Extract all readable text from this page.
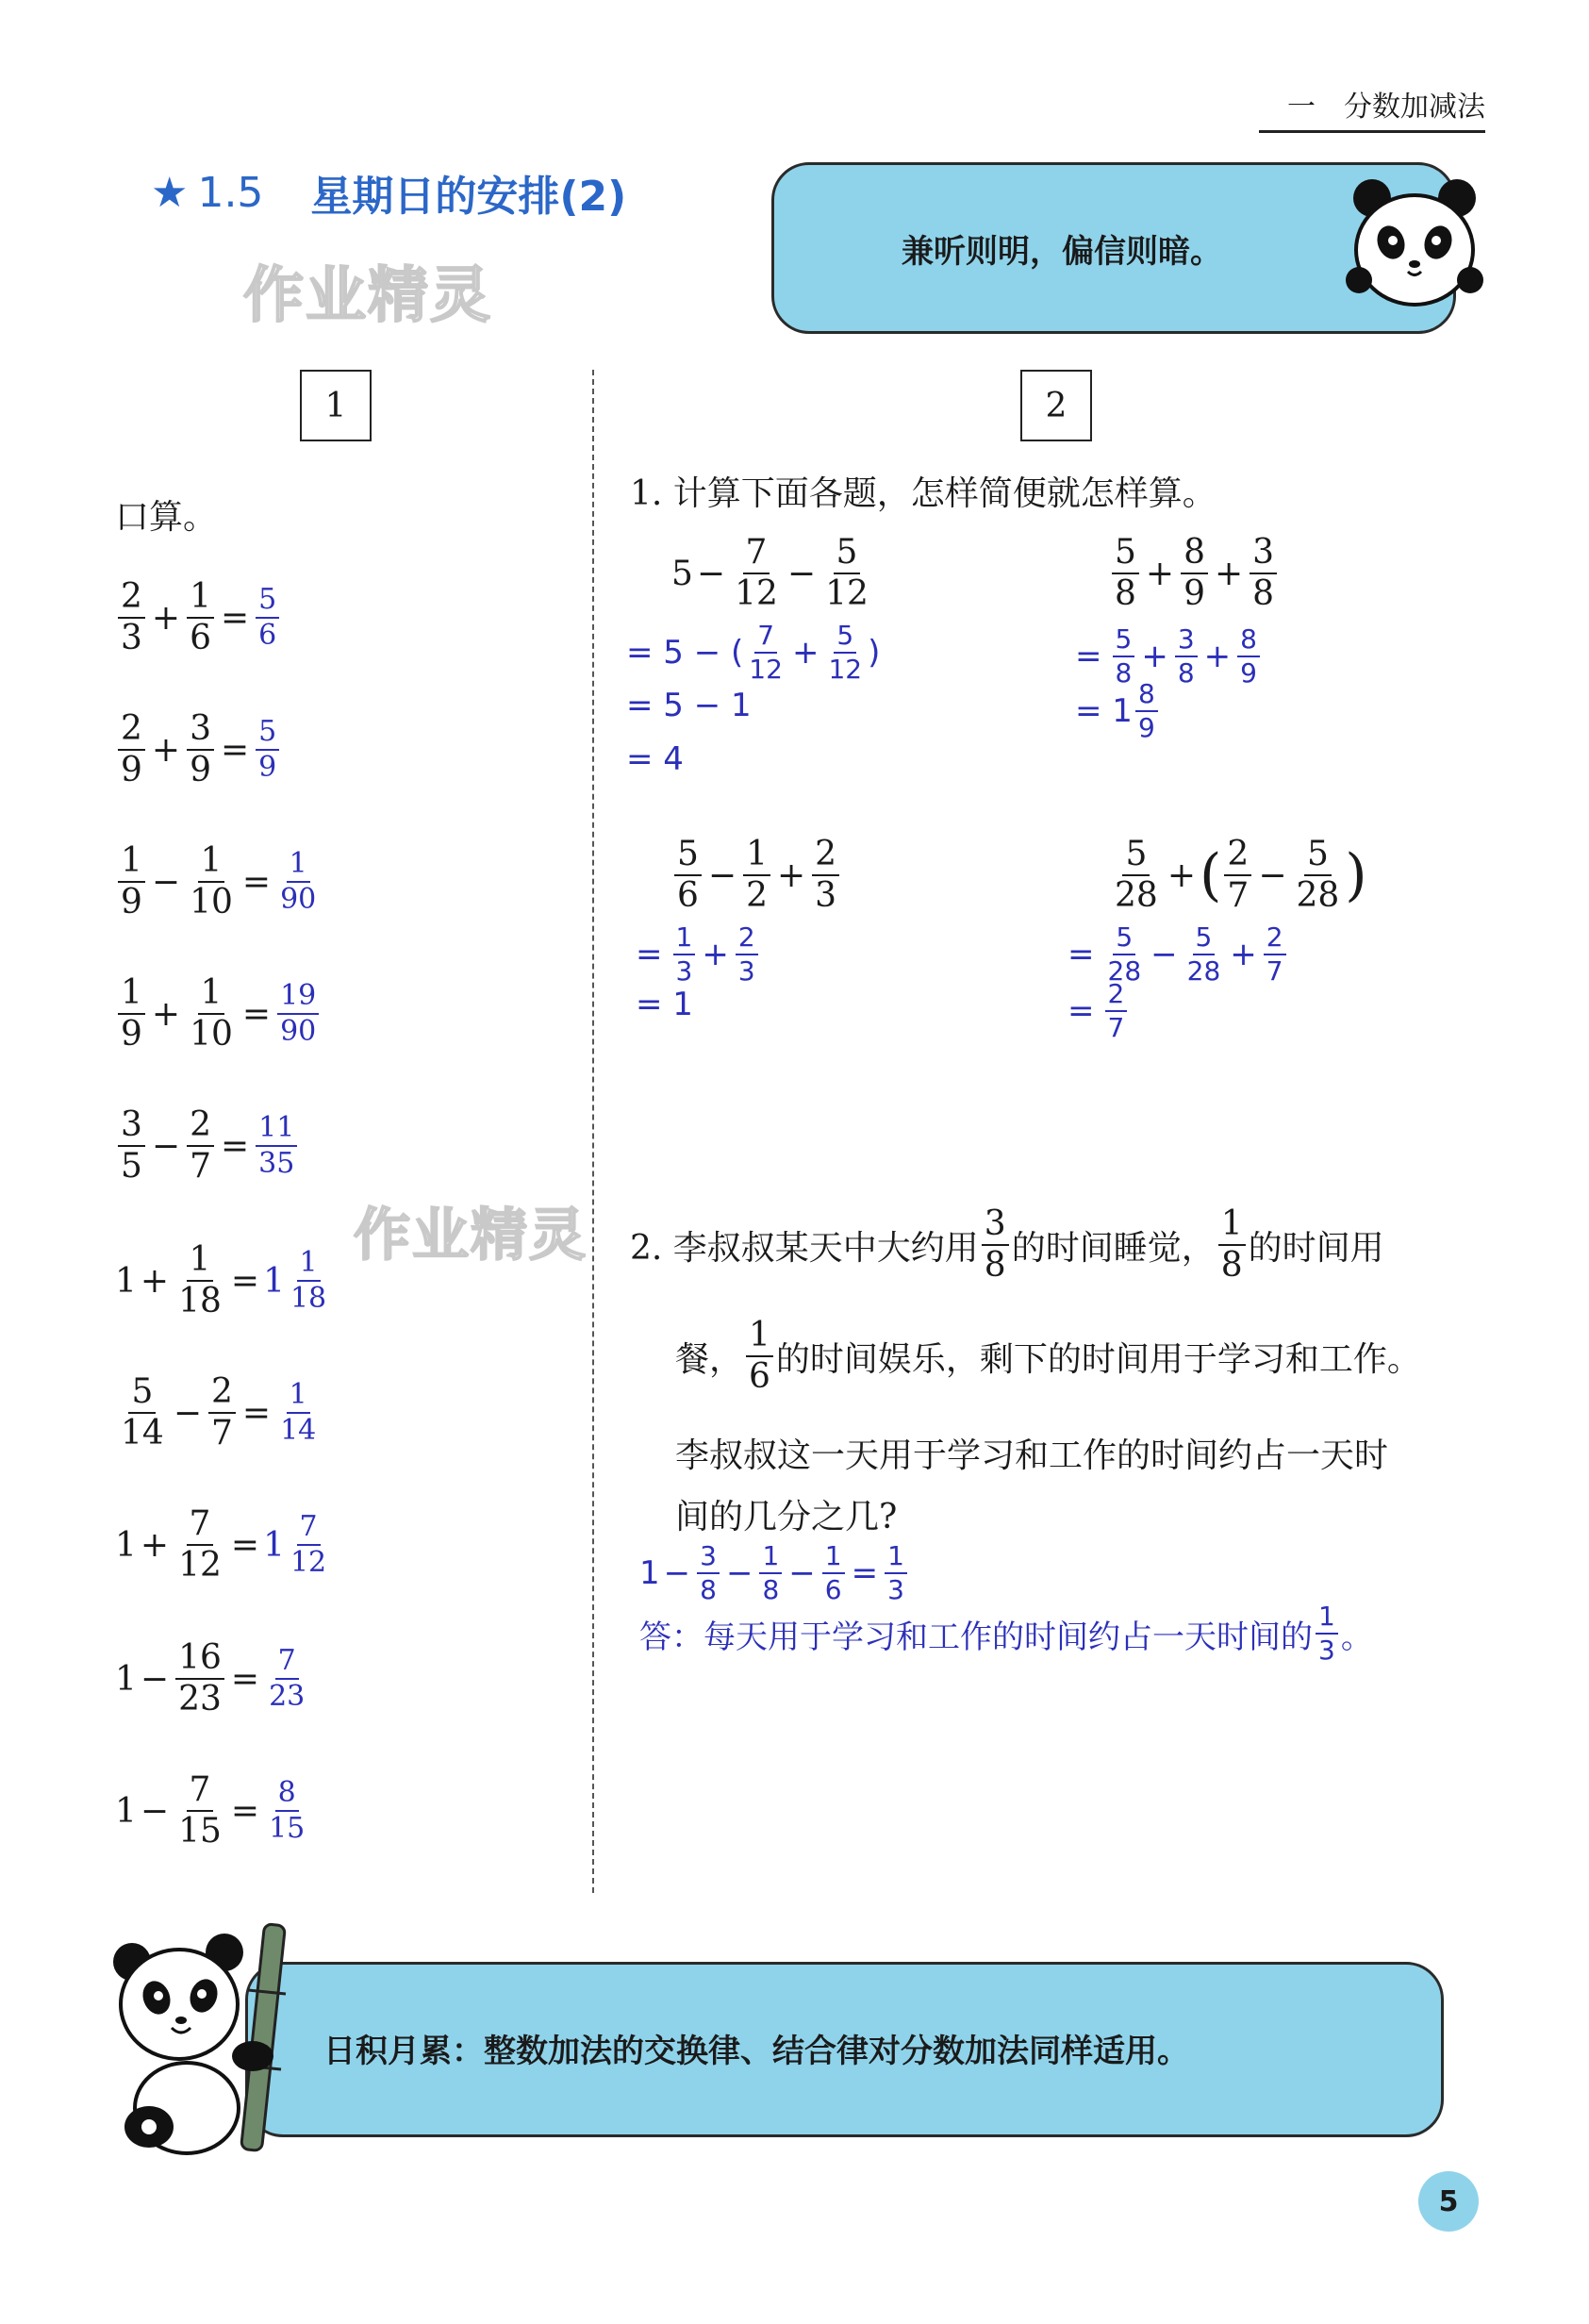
一　分数加减法
★ 1.5 星期日的安排(2)
作业精灵
作业精灵
兼听则明，偏信则暗。
1
口算。
$\frac{2}{3} + \frac{1}{6} = \frac{5}{6}$
$\frac{2}{9} + \frac{3}{9} = \frac{5}{9}$
$\frac{1}{9} - \frac{1}{10} = \frac{1}{90}$
$\frac{1}{9} + \frac{1}{10} = \frac{19}{90}$
$\frac{3}{5} - \frac{2}{7} = \frac{11}{35}$
$1 + \frac{1}{18} = 1 \frac{1}{18}$
$\frac{5}{14} - \frac{2}{7} = \frac{1}{14}$
$1 + \frac{7}{12} = 1 \frac{7}{12}$
$1 - \frac{16}{23} = \frac{7}{23}$
$1 - \frac{7}{15} = \frac{8}{15}$
2
1. 计算下面各题，怎样简便就怎样算。
$5 - \frac{7}{12} - \frac{5}{12}$
= 5 − ( $\frac{7}{12} + \frac{5}{12}$ )
= 5 − 1
= 4
$\frac{5}{8} + \frac{8}{9} + \frac{3}{8}$
= $\frac{5}{8} + \frac{3}{8} + \frac{8}{9}$
= $1 \frac{8}{9}$
$\frac{5}{6} - \frac{1}{2} + \frac{2}{3}$
= $\frac{1}{3} + \frac{2}{3}$
= 1
$\frac{5}{28}$ + ( $\frac{2}{7} - \frac{5}{28}$ )
= $\frac{5}{28} - \frac{5}{28} + \frac{2}{7}$
= $\frac{2}{7}$
2. 李叔叔某天中大约用 $\frac{3}{8}$ 的时间睡觉， $\frac{1}{8}$ 的时间用
餐， $\frac{1}{6}$ 的时间娱乐，剩下的时间用于学习和工作。
李叔叔这一天用于学习和工作的时间约占一天时
间的几分之几?
$1 - \frac{3}{8} - \frac{1}{8} - \frac{1}{6} = \frac{1}{3}$
答：每天用于学习和工作的时间约占一天时间的 $\frac{1}{3}$ 。
日积月累：整数加法的交换律、结合律对分数加法同样适用。
5
